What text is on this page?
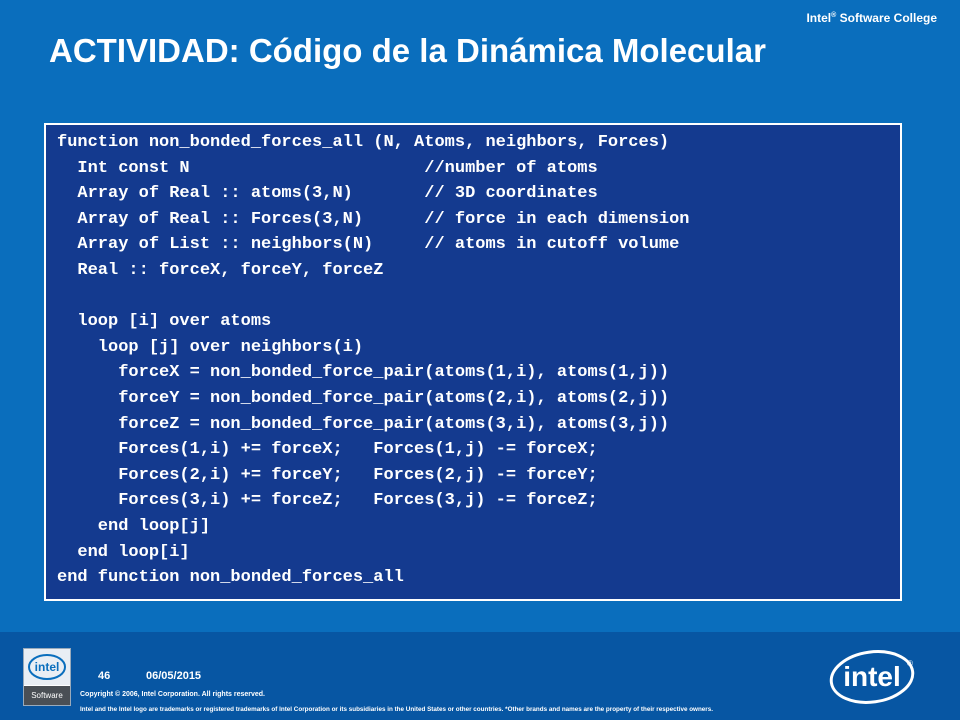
Intel® Software College
ACTIVIDAD: Código de la Dinámica Molecular
function non_bonded_forces_all (N, Atoms, neighbors, Forces)
Int const N                       //number of atoms
Array of Real :: atoms(3,N)       // 3D coordinates
Array of Real :: Forces(3,N)      // force in each dimension
Array of List :: neighbors(N)     // atoms in cutoff volume
Real :: forceX, forceY, forceZ
loop [i] over atoms
loop [j] over neighbors(i)
forceX = non_bonded_force_pair(atoms(1,i), atoms(1,j))
forceY = non_bonded_force_pair(atoms(2,i), atoms(2,j))
forceZ = non_bonded_force_pair(atoms(3,i), atoms(3,j))
Forces(1,i) += forceX;   Forces(1,j) -= forceX;
Forces(2,i) += forceY;   Forces(2,j) -= forceY;
Forces(3,i) += forceZ;   Forces(3,j) -= forceZ;
end loop[j]
end loop[i]
end function non_bonded_forces_all
intel
Software
46	06/05/2015
Copyright © 2006, Intel Corporation. All rights reserved.
Intel and the Intel logo are trademarks or registered trademarks of Intel Corporation or its subsidiaries in the United States or other countries. *Other brands and names are the property of their respective owners.
intel ®
